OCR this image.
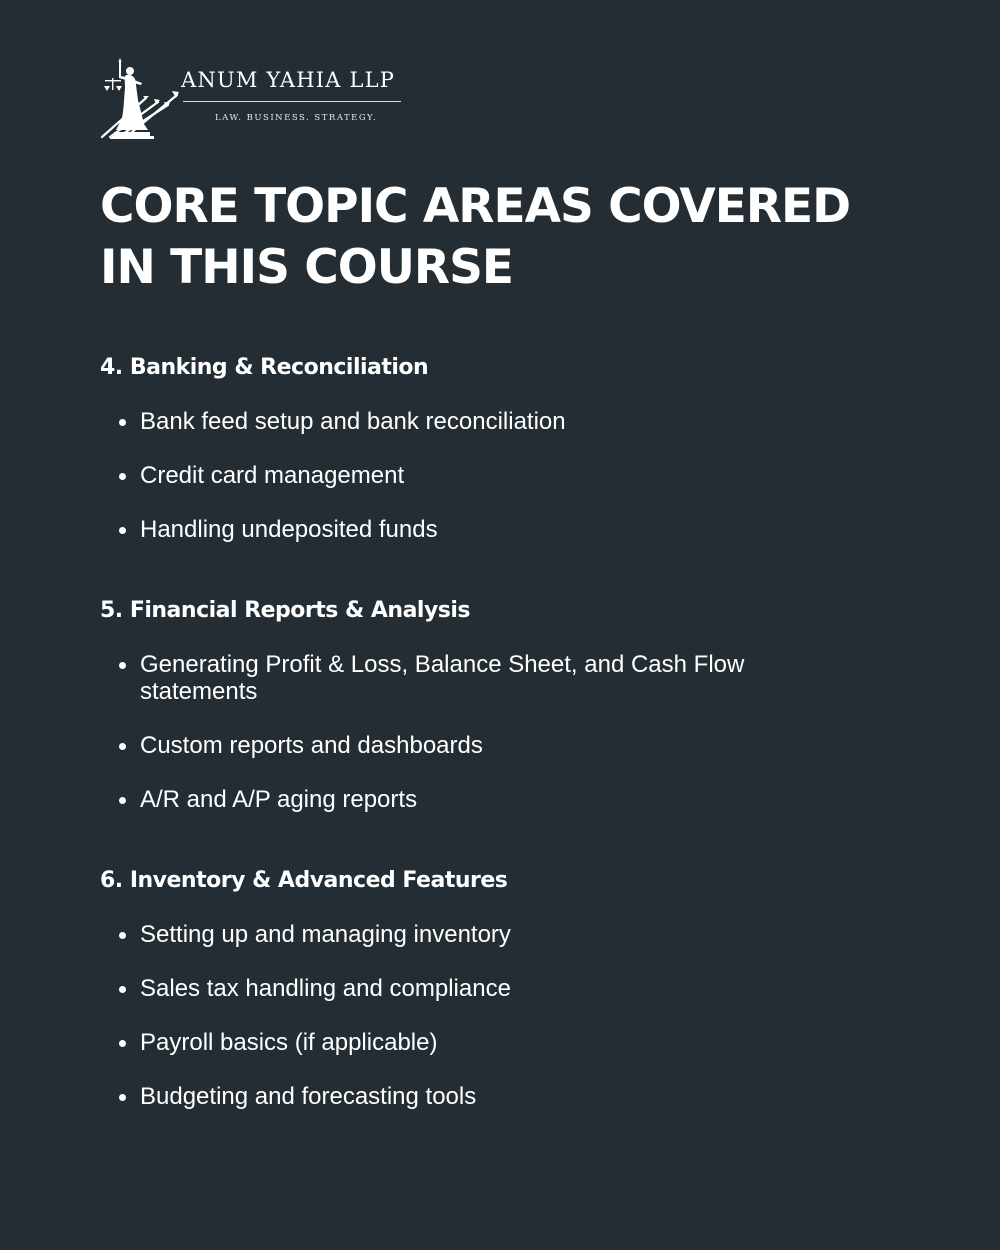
ANUM YAHIA LLP
LAW. BUSINESS. STRATEGY.
CORE TOPIC AREAS COVERED
IN THIS COURSE
4. Banking & Reconciliation
Bank feed setup and bank reconciliation
Credit card management
Handling undeposited funds
5. Financial Reports & Analysis
Generating Profit & Loss, Balance Sheet, and Cash Flow statements
Custom reports and dashboards
A/R and A/P aging reports
6. Inventory & Advanced Features
Setting up and managing inventory
Sales tax handling and compliance
Payroll basics (if applicable)
Budgeting and forecasting tools
